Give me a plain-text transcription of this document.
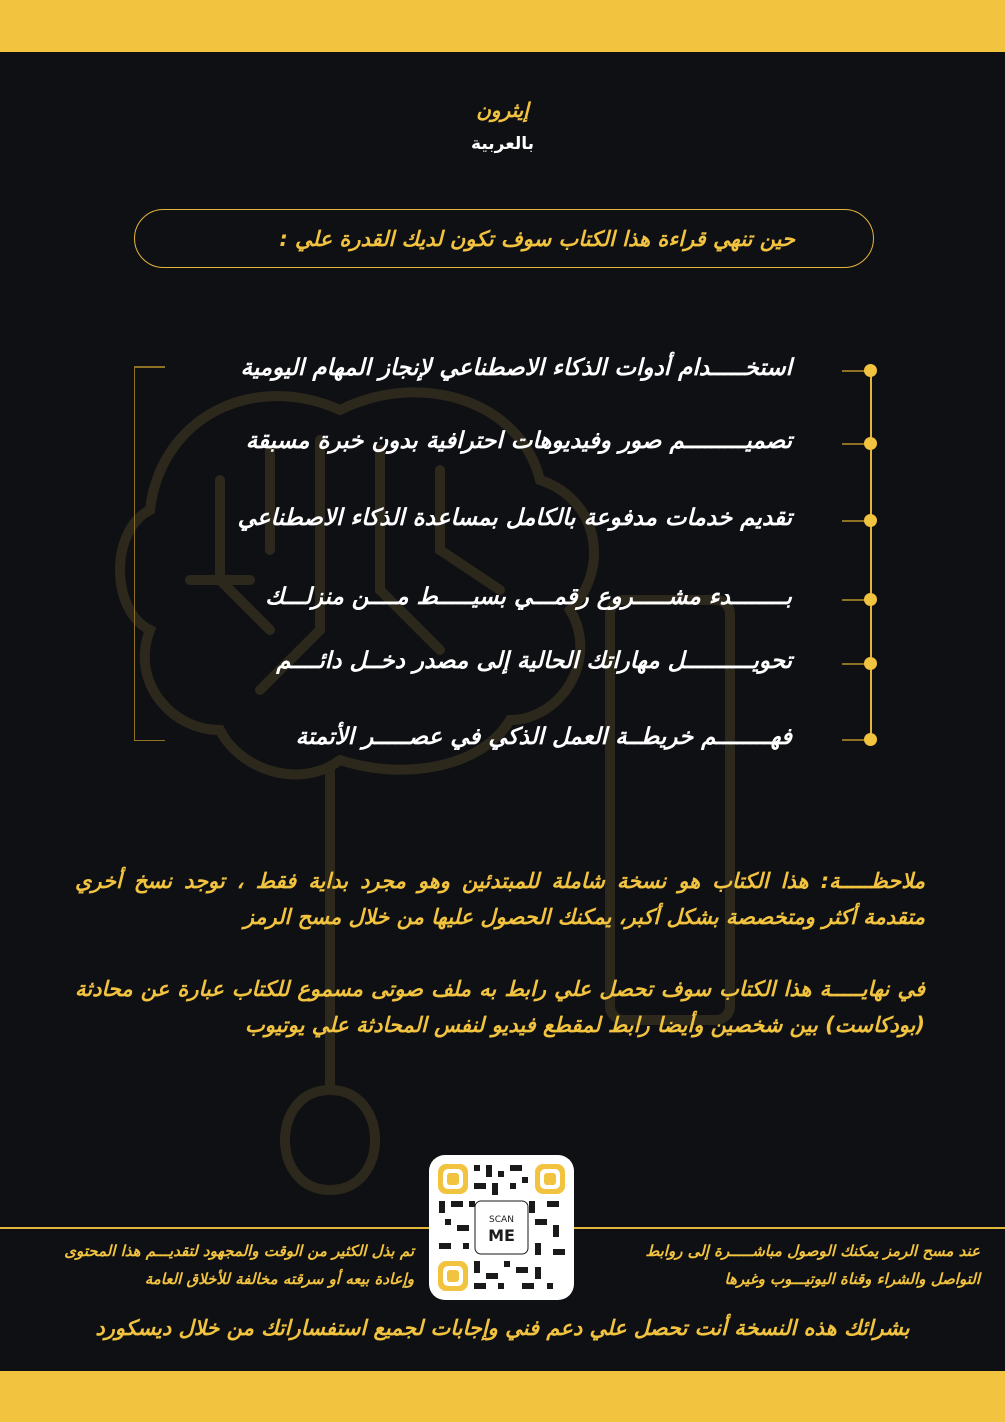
إيثرون
بالعربية
حين تنهي قراءة هذا الكتاب سوف تكون لديك القدرة علي :
استخـــــدام أدوات الذكاء الاصطناعي لإنجاز المهام اليومية
تصميـــــــــم صور وفيديوهات احترافية بدون خبرة مسبقة
تقديم خدمات مدفوعة بالكامل بمساعدة الذكاء الاصطناعي
بــــــــدء مشـــــروع رقمـــي بسيـــــط مــــن منزلـــك
تحويــــــــــل مهاراتك الحالية إلى مصدر دخــل دائــــم
فهــــــــم خريطــة العمل الذكي في عصـــــر الأتمتة
ملاحظـــــة: هذا الكتاب هو نسخة شاملة للمبتدئين وهو مجرد بداية فقط ، توجد نسخ أخري متقدمة أكثر ومتخصصة بشكل أكبر، يمكنك الحصول عليها من خلال مسح الرمز
في نهايـــــة هذا الكتاب سوف تحصل علي رابط به ملف صوتى مسموع للكتاب عبارة عن محادثة (بودكاست) بين شخصين وأيضا رابط لمقطع فيديو لنفس المحادثة علي يوتيوب
SCAN
ME
تم بذل الكثير من الوقت والمجهود لتقديـــم هذا المحتوى وإعادة بيعه أو سرقته مخالفة للأخلاق العامة
عند مسح الرمز يمكنك الوصول مباشـــــرة إلى روابط التواصل والشراء وقناة اليوتيـــوب وغيرها
بشرائك هذه النسخة أنت تحصل علي دعم فني وإجابات لجميع استفساراتك من خلال ديسكورد
